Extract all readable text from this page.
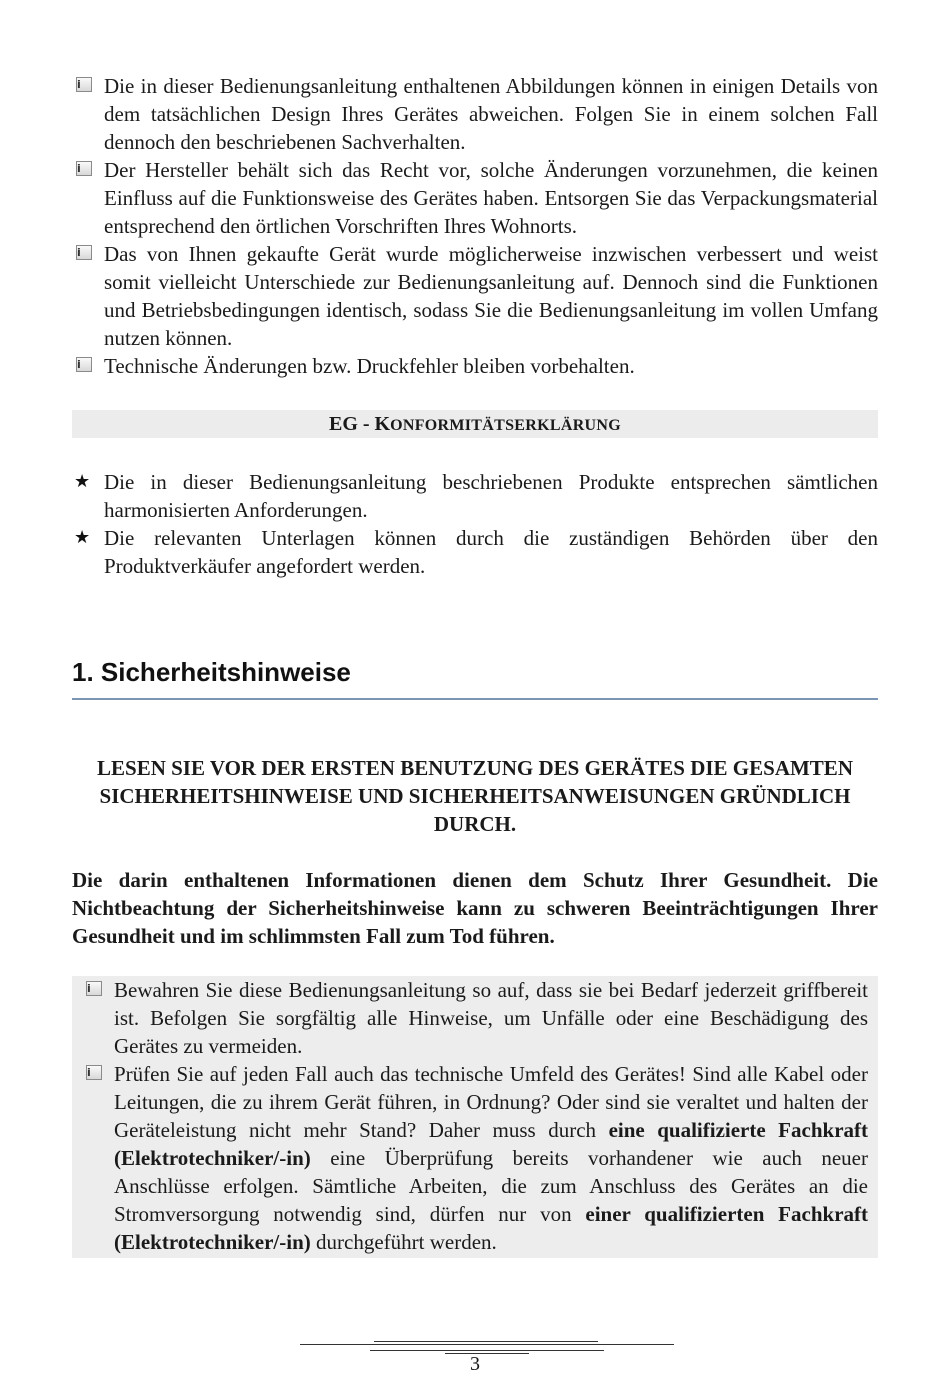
i	Die in dieser Bedienungsanleitung enthaltenen Abbildungen können in einigen Details von dem tatsächlichen Design Ihres Gerätes abweichen. Folgen Sie in einem solchen Fall dennoch den beschriebenen Sachverhalten.
i	Der Hersteller behält sich das Recht vor, solche Änderungen vorzunehmen, die keinen Einfluss auf die Funktionsweise des Gerätes haben. Entsorgen Sie das Verpackungsmaterial entsprechend den örtlichen Vorschriften Ihres Wohnorts.
i	Das von Ihnen gekaufte Gerät wurde möglicherweise inzwischen verbessert und weist somit vielleicht Unterschiede zur Bedienungsanleitung auf. Dennoch sind die Funktionen und Betriebsbedingungen identisch, sodass Sie die Bedienungsanleitung im vollen Umfang nutzen können.
i	Technische Änderungen bzw. Druckfehler bleiben vorbehalten.
EG - KONFORMITÄTSERKLÄRUNG
★ Die in dieser Bedienungsanleitung beschriebenen Produkte entsprechen sämtlichen harmonisierten Anforderungen.
★ Die relevanten Unterlagen können durch die zuständigen Behörden über den Produktverkäufer angefordert werden.
1. Sicherheitshinweise
LESEN SIE VOR DER ERSTEN BENUTZUNG DES GERÄTES DIE GESAMTEN SICHERHEITSHINWEISE UND SICHERHEITSANWEISUNGEN GRÜNDLICH DURCH.
Die darin enthaltenen Informationen dienen dem Schutz Ihrer Gesundheit. Die Nichtbeachtung der Sicherheitshinweise kann zu schweren Beeinträchtigungen Ihrer Gesundheit und im schlimmsten Fall zum Tod führen.
i	Bewahren Sie diese Bedienungsanleitung so auf, dass sie bei Bedarf jederzeit griffbereit ist. Befolgen Sie sorgfältig alle Hinweise, um Unfälle oder eine Beschädigung des Gerätes zu vermeiden.
i	Prüfen Sie auf jeden Fall auch das technische Umfeld des Gerätes! Sind alle Kabel oder Leitungen, die zu ihrem Gerät führen, in Ordnung? Oder sind sie veraltet und halten der Geräteleistung nicht mehr Stand? Daher muss durch eine qualifizierte Fachkraft (Elektrotechniker/-in) eine Überprüfung bereits vorhandener wie auch neuer Anschlüsse erfolgen. Sämtliche Arbeiten, die zum Anschluss des Gerätes an die Stromversorgung notwendig sind, dürfen nur von einer qualifizierten Fachkraft (Elektrotechniker/-in) durchgeführt werden.
3
